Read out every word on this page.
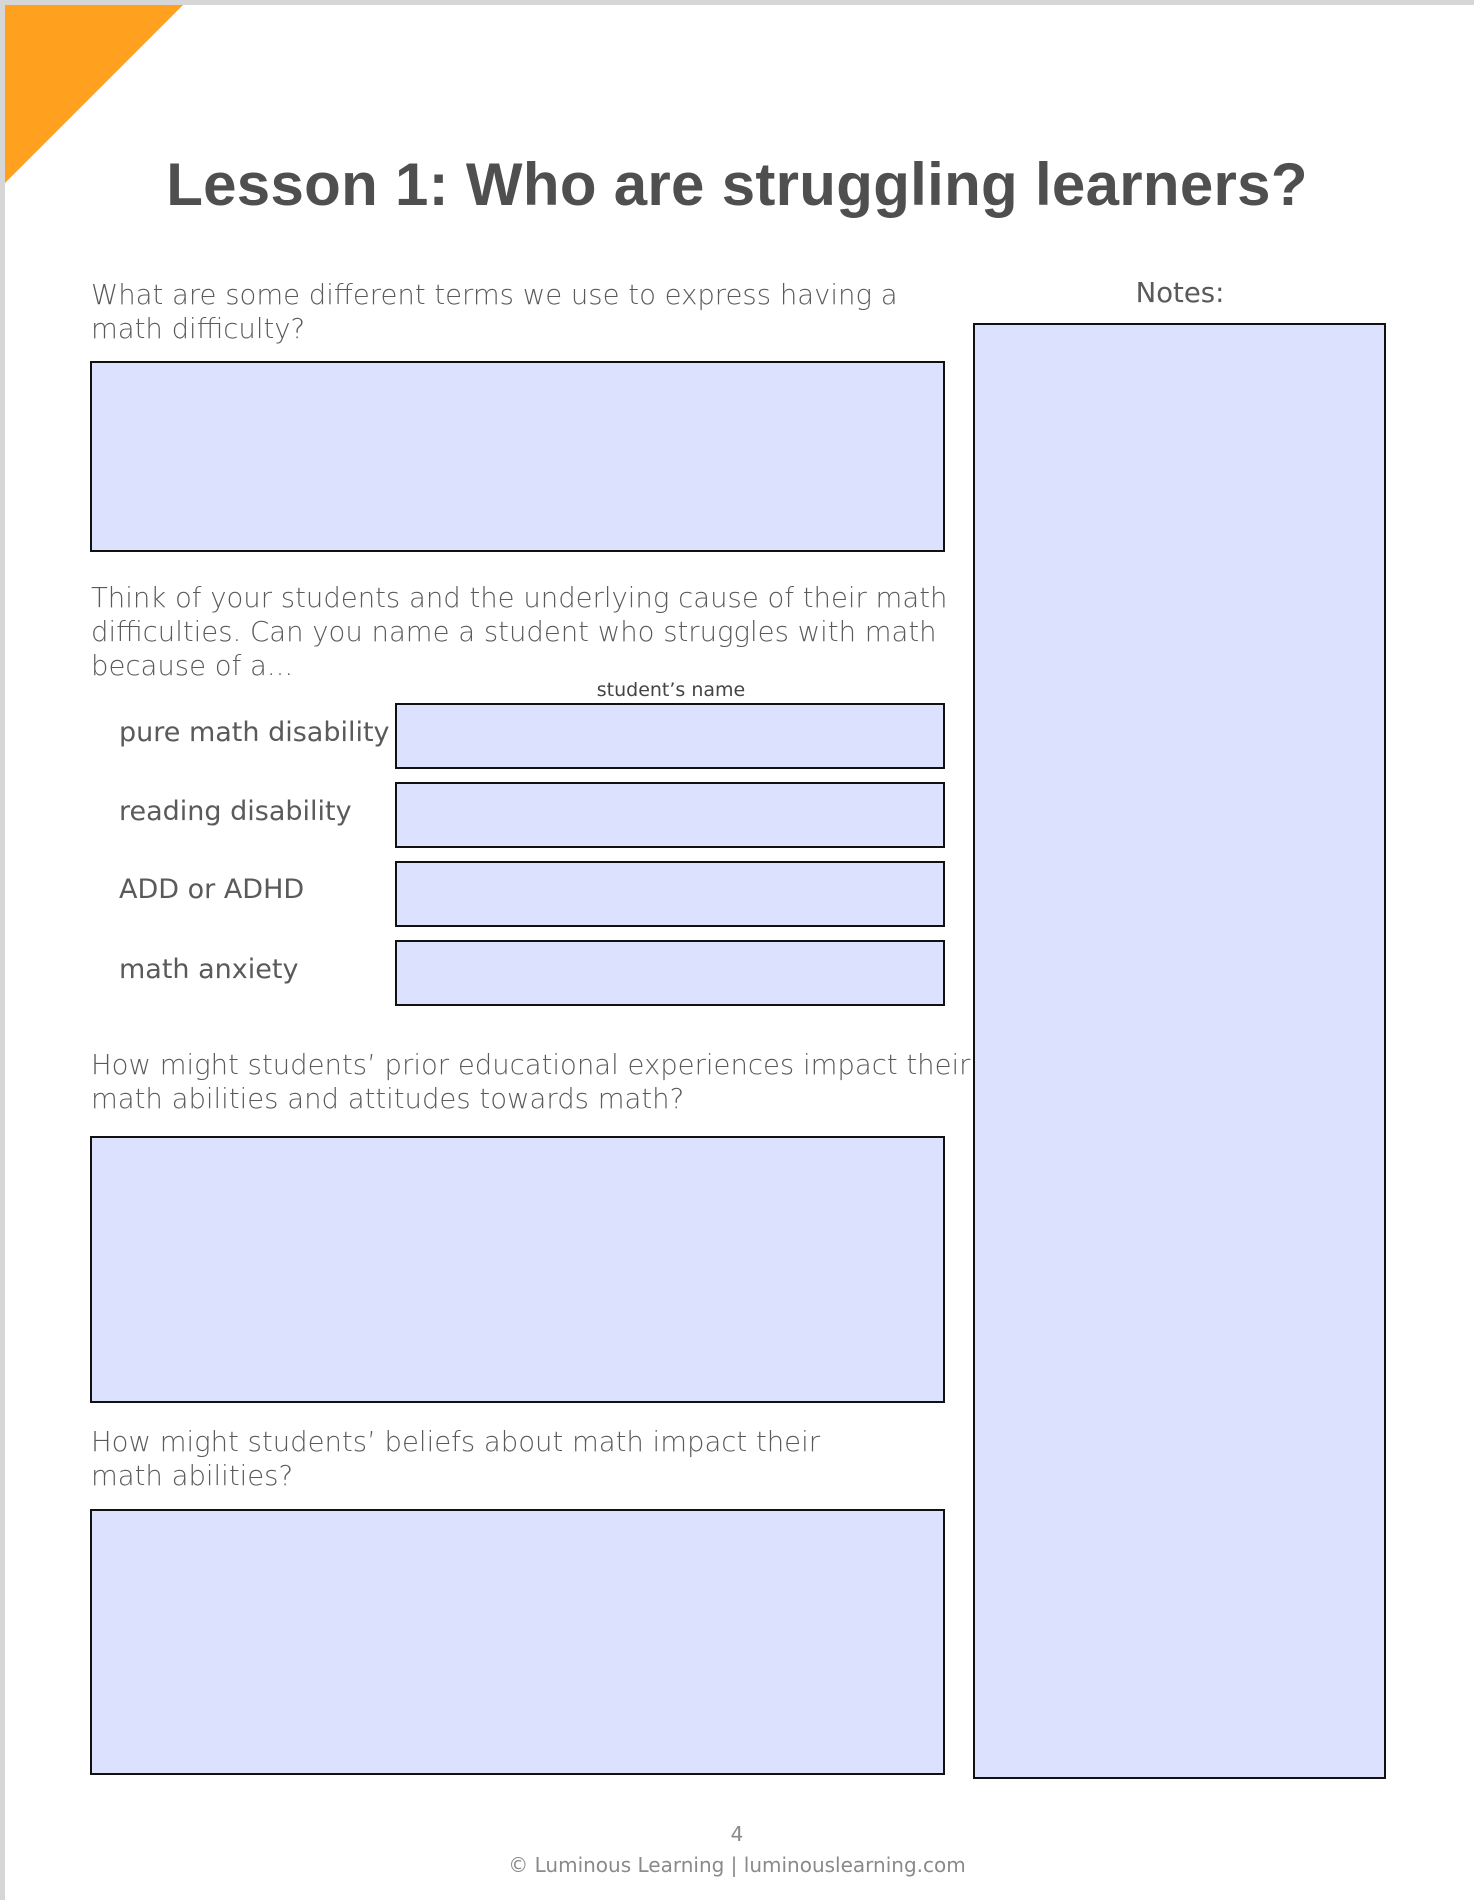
Lesson 1: Who are struggling learners?
What are some different terms we use to express having a math difficulty?
Think of your students and the underlying cause of their math difficulties. Can you name a student who struggles with math because of a...
student’s name
pure math disability
reading disability
ADD or ADHD
math anxiety
How might students’ prior educational experiences impact their math abilities and attitudes towards math?
How might students’ beliefs about math impact their math abilities?
Notes:
4
© Luminous Learning | luminouslearning.com
